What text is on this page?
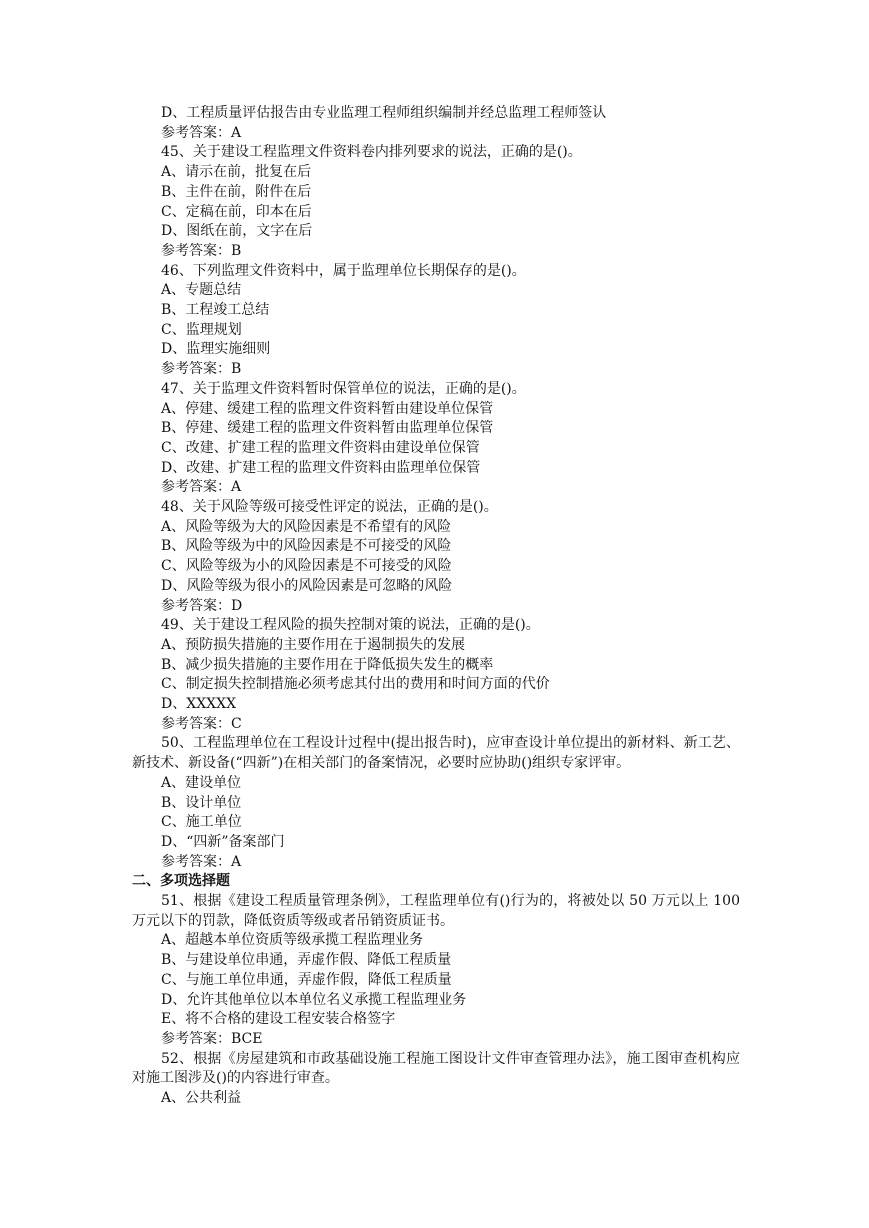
D、工程质量评估报告由专业监理工程师组织编制并经总监理工程师签认
参考答案：A
45、关于建设工程监理文件资料卷内排列要求的说法，正确的是()。
A、请示在前，批复在后
B、主件在前，附件在后
C、定稿在前，印本在后
D、图纸在前，文字在后
参考答案：B
46、下列监理文件资料中，属于监理单位长期保存的是()。
A、专题总结
B、工程竣工总结
C、监理规划
D、监理实施细则
参考答案：B
47、关于监理文件资料暂时保管单位的说法，正确的是()。
A、停建、缓建工程的监理文件资料暂由建设单位保管
B、停建、缓建工程的监理文件资料暂由监理单位保管
C、改建、扩建工程的监理文件资料由建设单位保管
D、改建、扩建工程的监理文件资料由监理单位保管
参考答案：A
48、关于风险等级可接受性评定的说法，正确的是()。
A、风险等级为大的风险因素是不希望有的风险
B、风险等级为中的风险因素是不可接受的风险
C、风险等级为小的风险因素是不可接受的风险
D、风险等级为很小的风险因素是可忽略的风险
参考答案：D
49、关于建设工程风险的损失控制对策的说法，正确的是()。
A、预防损失措施的主要作用在于遏制损失的发展
B、减少损失措施的主要作用在于降低损失发生的概率
C、制定损失控制措施必须考虑其付出的费用和时间方面的代价
D、XXXXX
参考答案：C
50、工程监理单位在工程设计过程中(提出报告时)，应审查设计单位提出的新材料、新工艺、新技术、新设备(“四新”)在相关部门的备案情况，必要时应协助()组织专家评审。
A、建设单位
B、设计单位
C、施工单位
D、“四新”备案部门
参考答案：A
二、多项选择题
51、根据《建设工程质量管理条例》，工程监理单位有()行为的，将被处以 50 万元以上 100 万元以下的罚款，降低资质等级或者吊销资质证书。
A、超越本单位资质等级承揽工程监理业务
B、与建设单位串通，弄虚作假、降低工程质量
C、与施工单位串通，弄虚作假，降低工程质量
D、允许其他单位以本单位名义承揽工程监理业务
E、将不合格的建设工程安装合格签字
参考答案：BCE
52、根据《房屋建筑和市政基础设施工程施工图设计文件审查管理办法》，施工图审查机构应对施工图涉及()的内容进行审查。
A、公共利益
